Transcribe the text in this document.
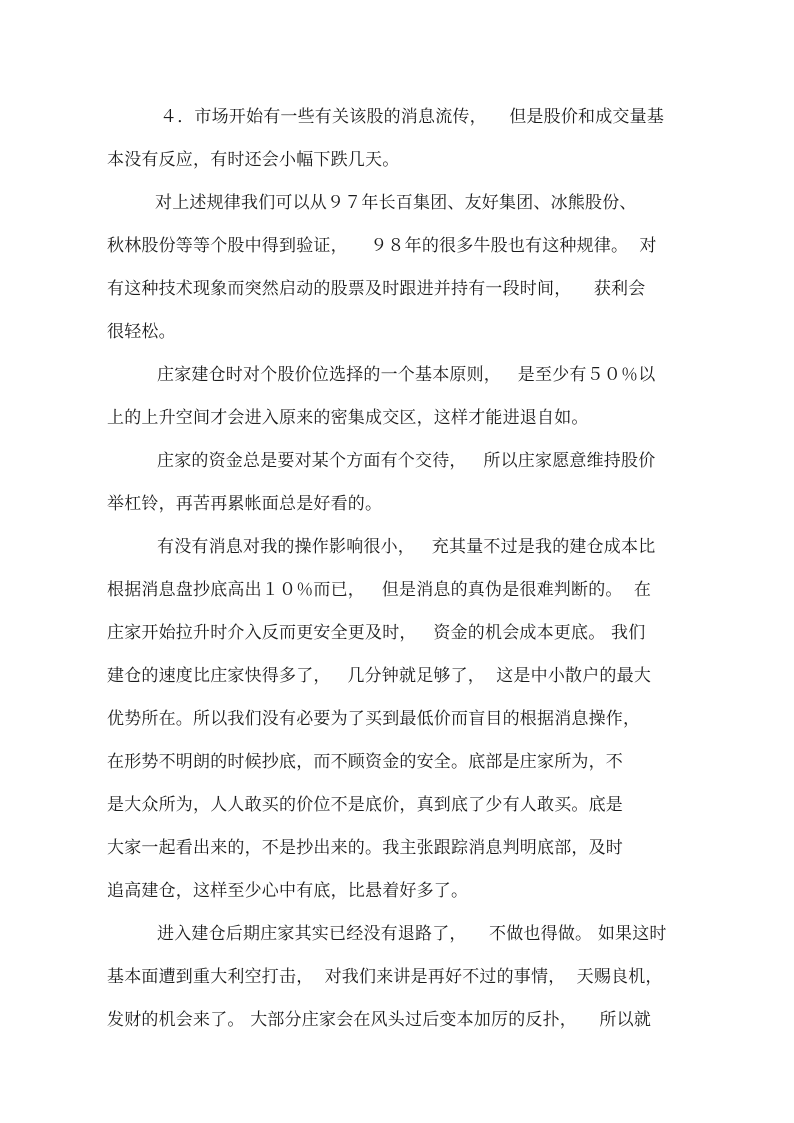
４．市场开始有一些有关该股的消息流传，    但是股价和成交量基
本没有反应，有时还会小幅下跌几天。
对上述规律我们可以从９７年长百集团、友好集团、冰熊股份、
秋林股份等等个股中得到验证，    ９８年的很多牛股也有这种规律。  对
有这种技术现象而突然启动的股票及时跟进并持有一段时间，    获利会
很轻松。
庄家建仓时对个股价位选择的一个基本原则，   是至少有５０％以
上的上升空间才会进入原来的密集成交区，这样才能进退自如。
庄家的资金总是要对某个方面有个交待，   所以庄家愿意维持股价
举杠铃，再苦再累帐面总是好看的。
有没有消息对我的操作影响很小，   充其量不过是我的建仓成本比
根据消息盘抄底高出１０％而已，   但是消息的真伪是很难判断的。  在
庄家开始拉升时介入反而更安全更及时，   资金的机会成本更底。 我们
建仓的速度比庄家快得多了，   几分钟就足够了，  这是中小散户的最大
优势所在。所以我们没有必要为了买到最低价而盲目的根据消息操作，
在形势不明朗的时候抄底，而不顾资金的安全。底部是庄家所为，不
是大众所为，人人敢买的价位不是底价，真到底了少有人敢买。底是
大家一起看出来的，不是抄出来的。我主张跟踪消息判明底部，及时
追高建仓，这样至少心中有底，比悬着好多了。
进入建仓后期庄家其实已经没有退路了，    不做也得做。 如果这时
基本面遭到重大利空打击，  对我们来讲是再好不过的事情，  天赐良机，
发财的机会来了。 大部分庄家会在风头过后变本加厉的反扑，    所以就
